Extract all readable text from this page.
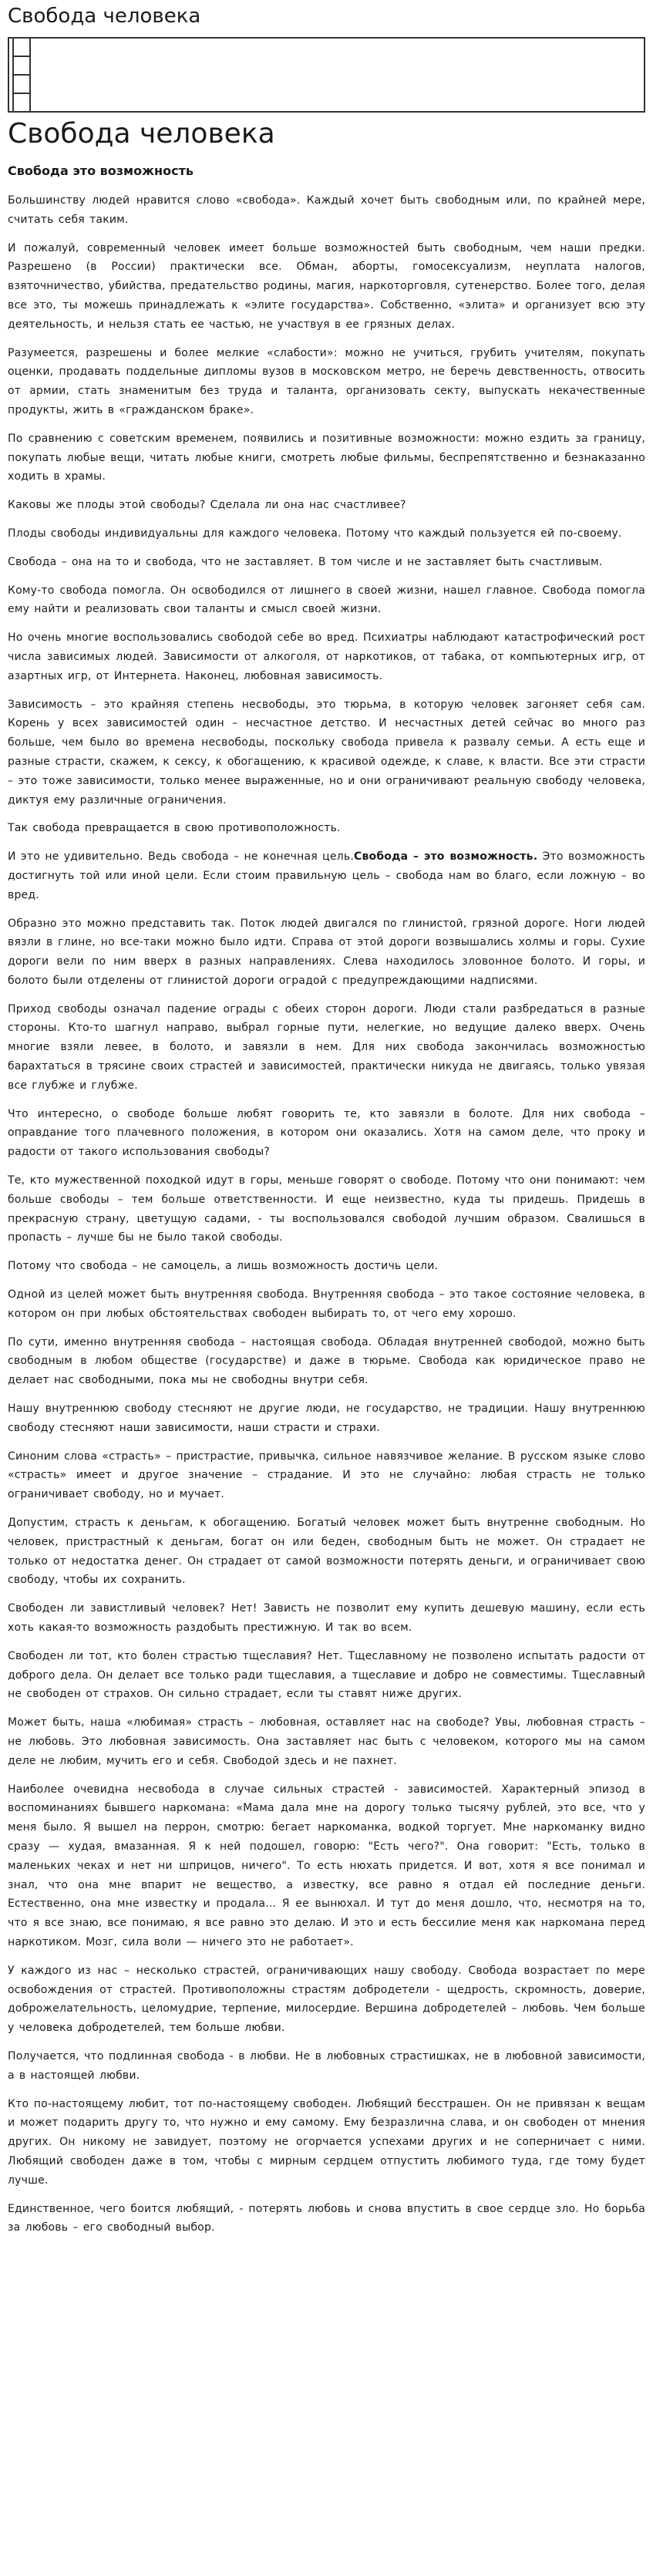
Свобода человека
Свобода человека
Свобода это возможность

Большинству людей нравится слово «свобода». Каждый хочет быть свободным или, по крайней мере, считать себя таким.

И пожалуй, современный человек имеет больше возможностей быть свободным, чем наши предки. Разрешено (в России) практически все. Обман, аборты, гомосексуализм, неуплата налогов, взяточничество, убийства, предательство родины, магия, наркоторговля, сутенерство. Более того, делая все это, ты можешь принадлежать к «элите государства». Собственно, «элита» и организует всю эту деятельность, и нельзя стать ее частью, не участвуя в ее грязных делах.

Разумеется, разрешены и более мелкие «слабости»: можно не учиться, грубить учителям, покупать оценки, продавать поддельные дипломы вузов в московском метро, не беречь девственность, отвосить от армии, стать знаменитым без труда и таланта, организовать секту, выпускать некачественные продукты, жить в «гражданском браке».

По сравнению с советским временем, появились и позитивные возможности: можно ездить за границу, покупать любые вещи, читать любые книги, смотреть любые фильмы, беспрепятственно и безнаказанно ходить в храмы.

Каковы же плоды этой свободы? Сделала ли она нас счастливее?

Плоды свободы индивидуальны для каждого человека. Потому что каждый пользуется ей по-своему.

Свобода – она на то и свобода, что не заставляет. В том числе и не заставляет быть счастливым.

Кому-то свобода помогла. Он освободился от лишнего в своей жизни, нашел главное. Свобода помогла ему найти и реализовать свои таланты и смысл своей жизни.

Но очень многие воспользовались свободой себе во вред. Психиатры наблюдают катастрофический рост числа зависимых людей. Зависимости от алкоголя, от наркотиков, от табака, от компьютерных игр, от азартных игр, от Интернета. Наконец, любовная зависимость.

Зависимость – это крайняя степень несвободы, это тюрьма, в которую человек загоняет себя сам. Корень у всех зависимостей один – несчастное детство. И несчастных детей сейчас во много раз больше, чем было во времена несвободы, поскольку свобода привела к развалу семьи. А есть еще и разные страсти, скажем, к сексу, к обогащению, к красивой одежде, к славе, к власти. Все эти страсти – это тоже зависимости, только менее выраженные, но и они ограничивают реальную свободу человека, диктуя ему различные ограничения.

Так свобода превращается в свою противоположность.

И это не удивительно. Ведь свобода – не конечная цель.Свобода – это возможность. Это возможность достигнуть той или иной цели. Если стоим правильную цель – свобода нам во благо, если ложную – во вред.

Образно это можно представить так. Поток людей двигался по глинистой, грязной дороге. Ноги людей вязли в глине, но все-таки можно было идти. Справа от этой дороги возвышались холмы и горы. Сухие дороги вели по ним вверх в разных направлениях. Слева находилось зловонное болото. И горы, и болото были отделены от глинистой дороги оградой с предупреждающими надписями.

Приход свободы означал падение ограды с обеих сторон дороги. Люди стали разбредаться в разные стороны. Кто-то шагнул направо, выбрал горные пути, нелегкие, но ведущие далеко вверх. Очень многие взяли левее, в болото, и завязли в нем. Для них свобода закончилась возможностью барахтаться в трясине своих страстей и зависимостей, практически никуда не двигаясь, только увязая все глубже и глубже.

Что интересно, о свободе больше любят говорить те, кто завязли в болоте. Для них свобода – оправдание того плачевного положения, в котором они оказались. Хотя на самом деле, что проку и радости от такого использования свободы?

Те, кто мужественной походкой идут в горы, меньше говорят о свободе. Потому что они понимают: чем больше свободы – тем больше ответственности. И еще неизвестно, куда ты придешь. Придешь в прекрасную страну, цветущую садами, - ты воспользовался свободой лучшим образом. Свалишься в пропасть – лучше бы не было такой свободы.

Потому что свобода – не самоцель, а лишь возможность достичь цели.

Одной из целей может быть внутренняя свобода. Внутренняя свобода – это такое состояние человека, в котором он при любых обстоятельствах свободен выбирать то, от чего ему хорошо.

По сути, именно внутренняя свобода – настоящая свобода. Обладая внутренней свободой, можно быть свободным в любом обществе (государстве) и даже в тюрьме. Свобода как юридическое право не делает нас свободными, пока мы не свободны внутри себя.

Нашу внутреннюю свободу стесняют не другие люди, не государство, не традиции. Нашу внутреннюю свободу стесняют наши зависимости, наши страсти и страхи.

Синоним слова «страсть» – пристрастие, привычка, сильное навязчивое желание. В русском языке слово «страсть» имеет и другое значение – страдание. И это не случайно: любая страсть не только ограничивает свободу, но и мучает.

Допустим, страсть к деньгам, к обогащению. Богатый человек может быть внутренне свободным. Но человек, пристрастный к деньгам, богат он или беден, свободным быть не может. Он страдает не только от недостатка денег. Он страдает от самой возможности потерять деньги, и ограничивает свою свободу, чтобы их сохранить.

Свободен ли завистливый человек? Нет! Зависть не позволит ему купить дешевую машину, если есть хоть какая-то возможность раздобыть престижную. И так во всем.

Свободен ли тот, кто болен страстью тщеславия? Нет. Тщеславному не позволено испытать радости от доброго дела. Он делает все только ради тщеславия, а тщеславие и добро не совместимы. Тщеславный не свободен от страхов. Он сильно страдает, если ты ставят ниже других.

Может быть, наша «любимая» страсть – любовная, оставляет нас на свободе? Увы, любовная страсть – не любовь. Это любовная зависимость. Она заставляет нас быть с человеком, которого мы на самом деле не любим, мучить его и себя. Свободой здесь и не пахнет.

Наиболее очевидна несвобода в случае сильных страстей - зависимостей. Характерный эпизод в воспоминаниях бывшего наркомана: «Мама дала мне на дорогу только тысячу рублей, это все, что у меня было. Я вышел на перрон, смотрю: бегает наркоманка, водкой торгует. Мне наркоманку видно сразу — худая, вмазанная. Я к ней подошел, говорю: "Есть чего?". Она говорит: "Есть, только в маленьких чеках и нет ни шприцов, ничего". То есть нюхать придется. И вот, хотя я все понимал и знал, что она мне впарит не вещество, а известку, все равно я отдал ей последние деньги. Естественно, она мне известку и продала... Я ее вынюхал. И тут до меня дошло, что, несмотря на то, что я все знаю, все понимаю, я все равно это делаю. И это и есть бессилие меня как наркомана перед наркотиком. Мозг, сила воли — ничего это не работает».

У каждого из нас – несколько страстей, ограничивающих нашу свободу. Свобода возрастает по мере освобождения от страстей. Противоположны страстям добродетели - щедрость, скромность, доверие, доброжелательность, целомудрие, терпение, милосердие. Вершина добродетелей – любовь. Чем больше у человека добродетелей, тем больше любви.

Получается, что подлинная свобода - в любви. Не в любовных страстишках, не в любовной зависимости, а в настоящей любви.

Кто по-настоящему любит, тот по-настоящему свободен. Любящий бесстрашен. Он не привязан к вещам и может подарить другу то, что нужно и ему самому. Ему безразлична слава, и он свободен от мнения других. Он никому не завидует, поэтому не огорчается успехами других и не соперничает с ними. Любящий свободен даже в том, чтобы с мирным сердцем отпустить любимого туда, где тому будет лучше.

Единственное, чего боится любящий, - потерять любовь и снова впустить в свое сердце зло. Но борьба за любовь – его свободный выбор.
